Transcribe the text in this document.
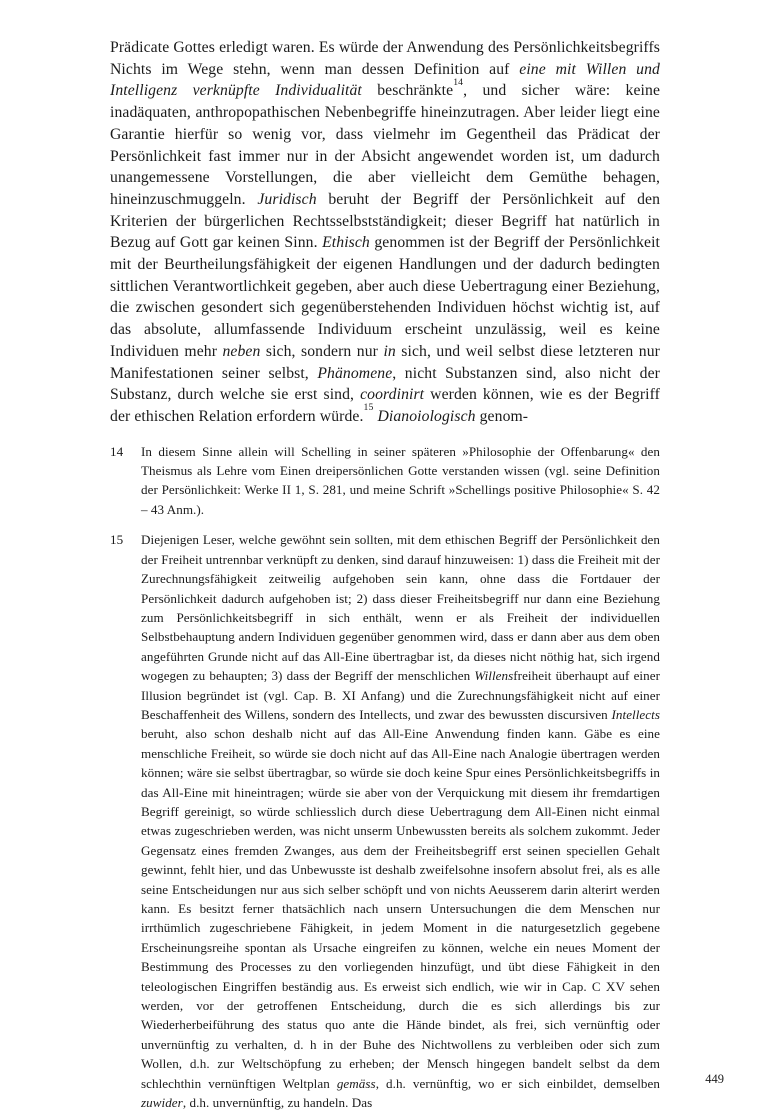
Prädicate Gottes erledigt waren. Es würde der Anwendung des Persönlichkeitsbegriffs Nichts im Wege stehn, wenn man dessen Definition auf eine mit Willen und Intelligenz verknüpfte Individualität beschränkte$^{14}$, und sicher wäre: keine inadäquaten, anthropopathischen Nebenbegriffe hineinzutragen. Aber leider liegt eine Garantie hierfür so wenig vor, dass vielmehr im Gegentheil das Prädicat der Persönlichkeit fast immer nur in der Absicht angewendet worden ist, um dadurch unangemessene Vorstellungen, die aber vielleicht dem Gemüthe behagen, hineinzuschmuggeln. Juridisch beruht der Begriff der Persönlichkeit auf den Kriterien der bürgerlichen Rechtsselbstständigkeit; dieser Begriff hat natürlich in Bezug auf Gott gar keinen Sinn. Ethisch genommen ist der Begriff der Persönlichkeit mit der Beurtheilungsfähigkeit der eigenen Handlungen und der dadurch bedingten sittlichen Verantwortlichkeit gegeben, aber auch diese Uebertragung einer Beziehung, die zwischen gesondert sich gegenüberstehenden Individuen höchst wichtig ist, auf das absolute, allumfassende Individuum erscheint unzulässig, weil es keine Individuen mehr neben sich, sondern nur in sich, und weil selbst diese letzteren nur Manifestationen seiner selbst, Phänomene, nicht Substanzen sind, also nicht der Substanz, durch welche sie erst sind, coordinirt werden können, wie es der Begriff der ethischen Relation erfordern würde.$^{15}$ Dianoiologisch genom-
14 In diesem Sinne allein will Schelling in seiner späteren »Philosophie der Offenbarung« den Theismus als Lehre vom Einen dreipersönlichen Gotte verstanden wissen (vgl. seine Definition der Persönlichkeit: Werke II 1, S. 281, und meine Schrift »Schellings positive Philosophie« S. 42 – 43 Anm.).
15 Diejenigen Leser, welche gewöhnt sein sollten, mit dem ethischen Begriff der Persönlichkeit den der Freiheit untrennbar verknüpft zu denken, sind darauf hinzuweisen: 1) dass die Freiheit mit der Zurechnungsfähigkeit zeitweilig aufgehoben sein kann, ohne dass die Fortdauer der Persönlichkeit dadurch aufgehoben ist; 2) dass dieser Freiheitsbegriff nur dann eine Beziehung zum Persönlichkeitsbegriff in sich enthält, wenn er als Freiheit der individuellen Selbstbehauptung andern Individuen gegenüber genommen wird, dass er dann aber aus dem oben angeführten Grunde nicht auf das All-Eine übertragbar ist, da dieses nicht nöthig hat, sich irgend wogegen zu behaupten; 3) dass der Begriff der menschlichen Willensfreiheit überhaupt auf einer Illusion begründet ist (vgl. Cap. B. XI Anfang) und die Zurechnungsfähigkeit nicht auf einer Beschaffenheit des Willens, sondern des Intellects, und zwar des bewussten discursiven Intellects beruht, also schon deshalb nicht auf das All-Eine Anwendung finden kann. Gäbe es eine menschliche Freiheit, so würde sie doch nicht auf das All-Eine nach Analogie übertragen werden können; wäre sie selbst übertragbar, so würde sie doch keine Spur eines Persönlichkeitsbegriffs in das All-Eine mit hineintragen; würde sie aber von der Verquickung mit diesem ihr fremdartigen Begriff gereinigt, so würde schliesslich durch diese Uebertragung dem All-Einen nicht einmal etwas zugeschrieben werden, was nicht unserm Unbewussten bereits als solchem zukommt. Jeder Gegensatz eines fremden Zwanges, aus dem der Freiheitsbegriff erst seinen speciellen Gehalt gewinnt, fehlt hier, und das Unbewusste ist deshalb zweifelsohne insofern absolut frei, als es alle seine Entscheidungen nur aus sich selber schöpft und von nichts Aeusserem darin alterirt werden kann. Es besitzt ferner thatsächlich nach unsern Untersuchungen die dem Menschen nur irrthümlich zugeschriebene Fähigkeit, in jedem Moment in die naturgesetzlich gegebene Erscheinungsreihe spontan als Ursache eingreifen zu können, welche ein neues Moment der Bestimmung des Processes zu den vorliegenden hinzufügt, und übt diese Fähigkeit in den teleologischen Eingriffen beständig aus. Es erweist sich endlich, wie wir in Cap. C XV sehen werden, vor der getroffenen Entscheidung, durch die es sich allerdings bis zur Wiederherbeiführung des status quo ante die Hände bindet, als frei, sich vernünftig oder unvernünftig zu verhalten, d. h in der Buhe des Nichtwollens zu verbleiben oder sich zum Wollen, d.h. zur Weltschöpfung zu erheben; der Mensch hingegen bandelt selbst da dem schlechthin vernünftigen Weltplan gemäss, d.h. vernünftig, wo er sich einbildet, demselben zuwider, d.h. unvernünftig, zu handeln. Das
449
